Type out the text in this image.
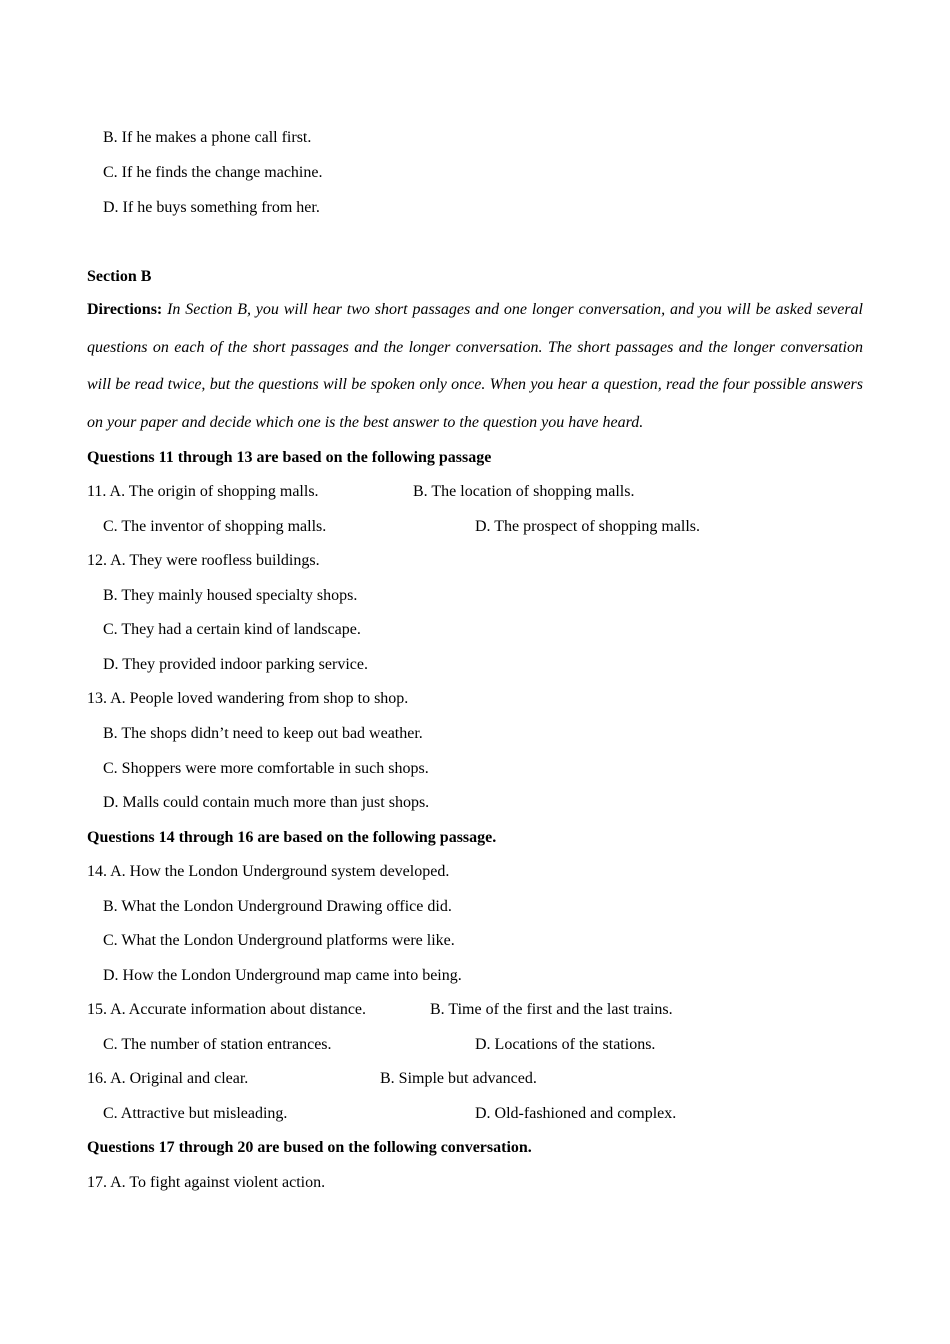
B. If he makes a phone call first.
C. If he finds the change machine.
D. If he buys something from her.
Section B
Directions: In Section B, you will hear two short passages and one longer conversation, and you will be asked several questions on each of the short passages and the longer conversation. The short passages and the longer conversation will be read twice, but the questions will be spoken only once. When you hear a question, read the four possible answers on your paper and decide which one is the best answer to the question you have heard.
Questions 11 through 13 are based on the following passage
11. A. The origin of shopping malls.	B. The location of shopping malls.
C. The inventor of shopping malls.	D. The prospect of shopping malls.
12. A. They were roofless buildings.
B. They mainly housed specialty shops.
C. They had a certain kind of landscape.
D. They provided indoor parking service.
13. A. People loved wandering from shop to shop.
B. The shops didn’t need to keep out bad weather.
C. Shoppers were more comfortable in such shops.
D. Malls could contain much more than just shops.
Questions 14 through 16 are based on the following passage.
14. A. How the London Underground system developed.
B. What the London Underground Drawing office did.
C. What the London Underground platforms were like.
D. How the London Underground map came into being.
15. A. Accurate information about distance.	B. Time of the first and the last trains.
C. The number of station entrances.	D. Locations of the stations.
16. A. Original and clear.	B. Simple but advanced.
C. Attractive but misleading.	D. Old-fashioned and complex.
Questions 17 through 20 are bused on the following conversation.
17. A. To fight against violent action.
